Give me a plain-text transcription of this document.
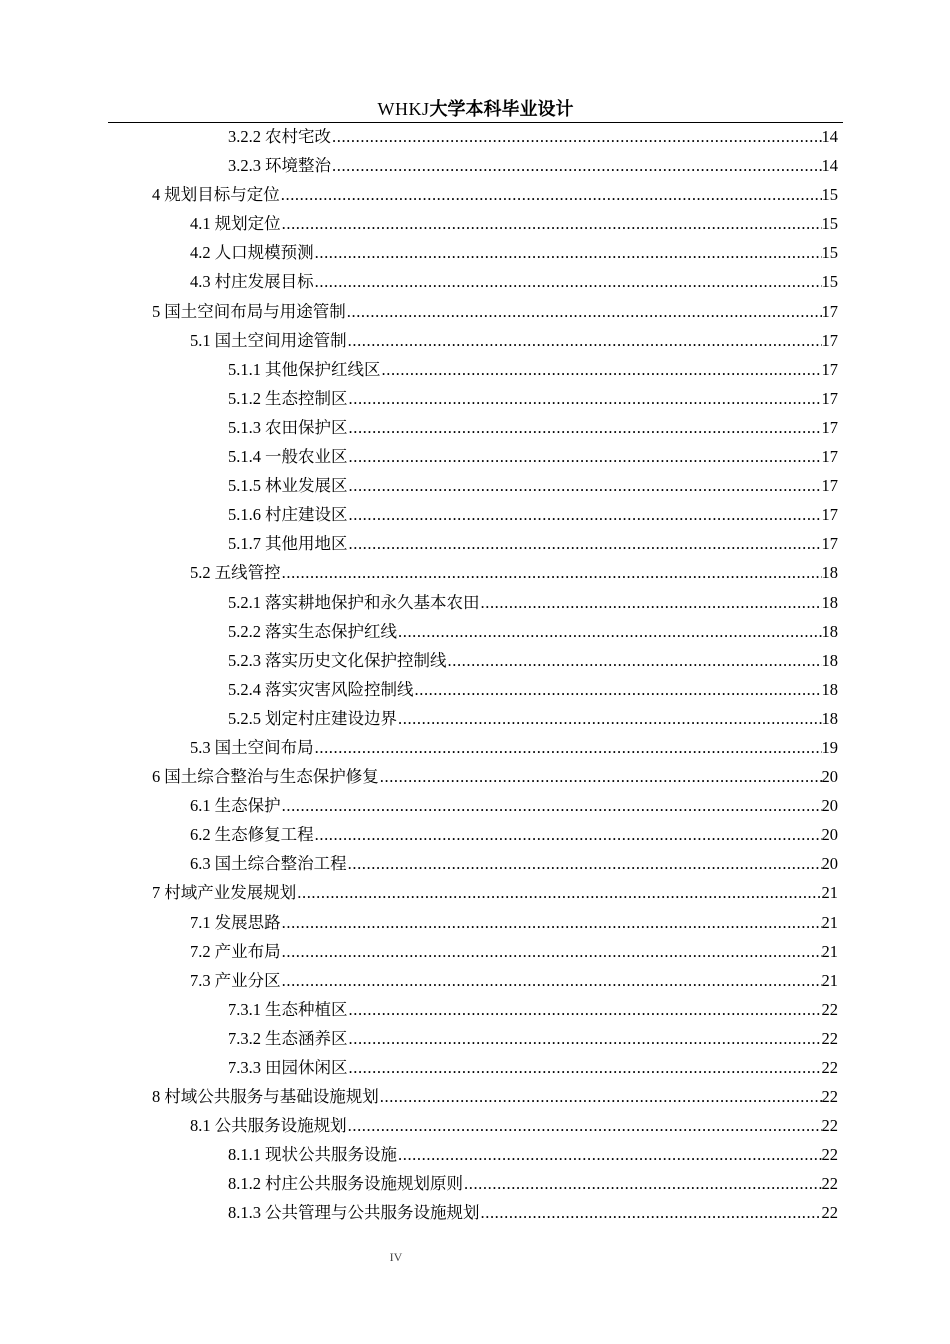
WHKJ大学本科毕业设计
3.2.2 农村宅改 .....	14
3.2.3 环境整治 .....	14
4 规划目标与定位 .....	15
4.1 规划定位 .....	15
4.2 人口规模预测 .....	15
4.3 村庄发展目标 .....	15
5 国土空间布局与用途管制 .....	17
5.1 国土空间用途管制 .....	17
5.1.1 其他保护红线区 .....	17
5.1.2 生态控制区 .....	17
5.1.3 农田保护区 .....	17
5.1.4 一般农业区 .....	17
5.1.5 林业发展区 .....	17
5.1.6 村庄建设区 .....	17
5.1.7 其他用地区 .....	17
5.2 五线管控 .....	18
5.2.1 落实耕地保护和永久基本农田 .....	18
5.2.2 落实生态保护红线 .....	18
5.2.3 落实历史文化保护控制线 .....	18
5.2.4 落实灾害风险控制线 .....	18
5.2.5 划定村庄建设边界 .....	18
5.3 国土空间布局 .....	19
6 国土综合整治与生态保护修复 .....	20
6.1 生态保护 .....	20
6.2 生态修复工程 .....	20
6.3 国土综合整治工程 .....	20
7 村域产业发展规划 .....	21
7.1 发展思路 .....	21
7.2 产业布局 .....	21
7.3 产业分区 .....	21
7.3.1 生态种植区 .....	22
7.3.2 生态涵养区 .....	22
7.3.3 田园休闲区 .....	22
8 村域公共服务与基础设施规划 .....	22
8.1 公共服务设施规划 .....	22
8.1.1 现状公共服务设施 .....	22
8.1.2 村庄公共服务设施规划原则 .....	22
8.1.3 公共管理与公共服务设施规划 .....	22
IV
